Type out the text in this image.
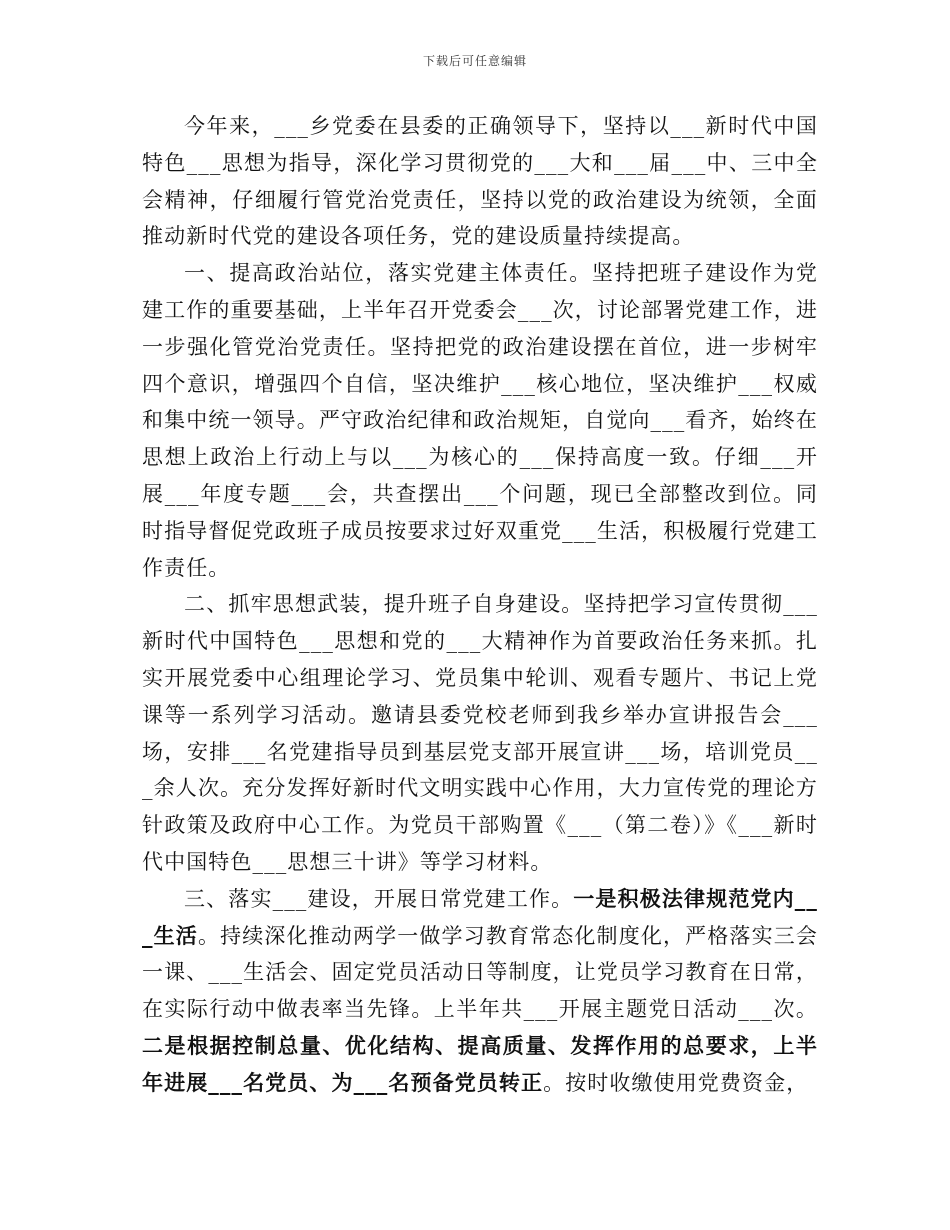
下载后可任意编辑

今年来，___乡党委在县委的正确领导下，坚持以___新时代中国特色___思想为指导，深化学习贯彻党的___大和___届___中、三中全会精神，仔细履行管党治党责任，坚持以党的政治建设为统领，全面推动新时代党的建设各项任务，党的建设质量持续提高。

一、提高政治站位，落实党建主体责任。坚持把班子建设作为党建工作的重要基础，上半年召开党委会___次，讨论部署党建工作，进一步强化管党治党责任。坚持把党的政治建设摆在首位，进一步树牢四个意识，增强四个自信，坚决维护___核心地位，坚决维护___权威和集中统一领导。严守政治纪律和政治规矩，自觉向___看齐，始终在思想上政治上行动上与以___为核心的___保持高度一致。仔细___开展___年度专题___会，共查摆出___个问题，现已全部整改到位。同时指导督促党政班子成员按要求过好双重党___生活，积极履行党建工作责任。

二、抓牢思想武装，提升班子自身建设。坚持把学习宣传贯彻___新时代中国特色___思想和党的___大精神作为首要政治任务来抓。扎实开展党委中心组理论学习、党员集中轮训、观看专题片、书记上党课等一系列学习活动。邀请县委党校老师到我乡举办宣讲报告会___场，安排___名党建指导员到基层党支部开展宣讲___场，培训党员___余人次。充分发挥好新时代文明实践中心作用，大力宣传党的理论方针政策及政府中心工作。为党员干部购置《___（第二卷）》《___新时代中国特色___思想三十讲》等学习材料。

三、落实___建设，开展日常党建工作。一是积极法律规范党内___生活。持续深化推动两学一做学习教育常态化制度化，严格落实三会一课、___生活会、固定党员活动日等制度，让党员学习教育在日常，在实际行动中做表率当先锋。上半年共___开展主题党日活动___次。二是根据控制总量、优化结构、提高质量、发挥作用的总要求，上半年进展___名党员、为___名预备党员转正。按时收缴使用党费资金，
